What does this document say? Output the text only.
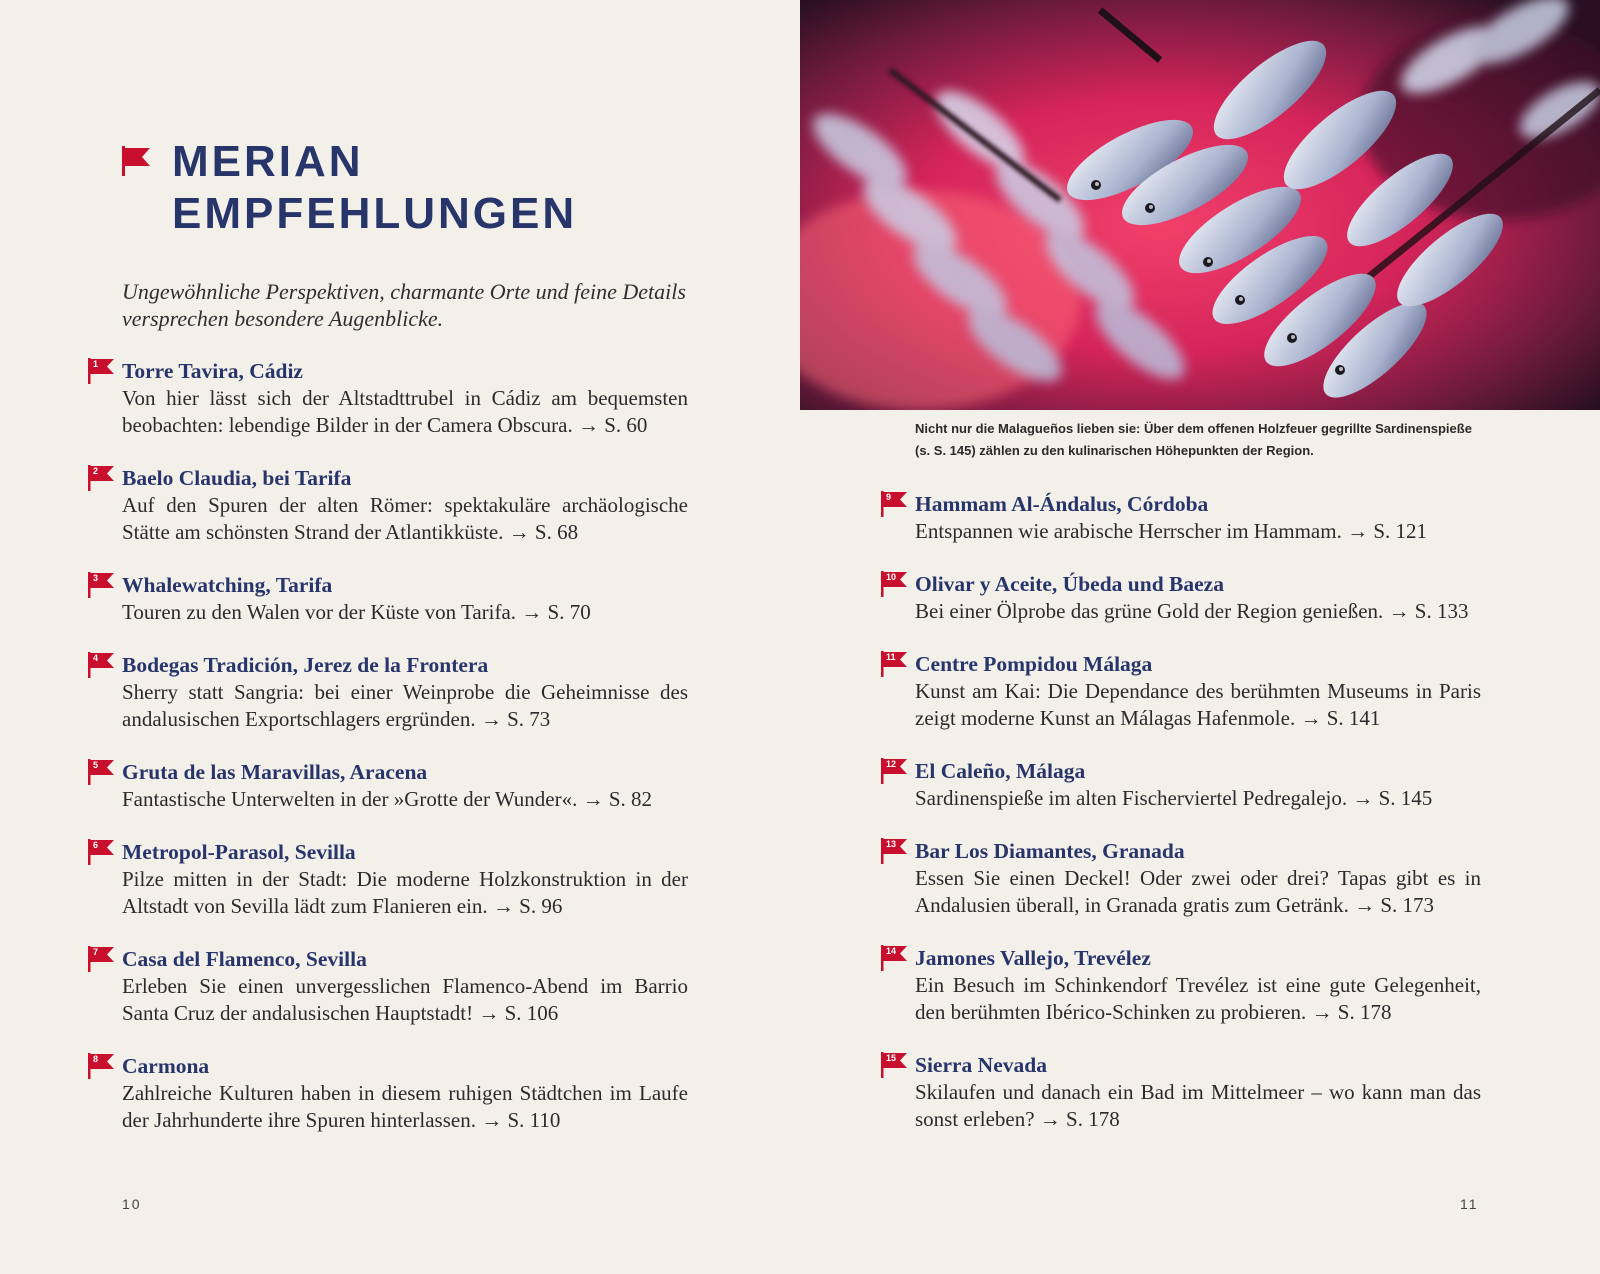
MERIAN
EMPFEHLUNGEN
Ungewöhnliche Perspektiven, charmante Orte und feine Details versprechen besondere Augenblicke.
1 Torre Tavira, Cádiz
Von hier lässt sich der Altstadttrubel in Cádiz am bequemsten beobachten: lebendige Bilder in der Camera Obscura. → S. 60
2 Baelo Claudia, bei Tarifa
Auf den Spuren der alten Römer: spektakuläre archäologische Stätte am schönsten Strand der Atlantikküste. → S. 68
3 Whalewatching, Tarifa
Touren zu den Walen vor der Küste von Tarifa. → S. 70
4 Bodegas Tradición, Jerez de la Frontera
Sherry statt Sangria: bei einer Weinprobe die Geheimnisse des andalusischen Exportschlagers ergründen. → S. 73
5 Gruta de las Maravillas, Aracena
Fantastische Unterwelten in der »Grotte der Wunder«. → S. 82
6 Metropol-Parasol, Sevilla
Pilze mitten in der Stadt: Die moderne Holzkonstruktion in der Altstadt von Sevilla lädt zum Flanieren ein. → S. 96
7 Casa del Flamenco, Sevilla
Erleben Sie einen unvergesslichen Flamenco-Abend im Barrio Santa Cruz der andalusischen Hauptstadt! → S. 106
8 Carmona
Zahlreiche Kulturen haben in diesem ruhigen Städtchen im Laufe der Jahrhunderte ihre Spuren hinterlassen. → S. 110
10
Nicht nur die Malagueños lieben sie: Über dem offenen Holzfeuer gegrillte Sardinenspieße (s. S. 145) zählen zu den kulinarischen Höhepunkten der Region.
9 Hammam Al-Ándalus, Córdoba
Entspannen wie arabische Herrscher im Hammam. → S. 121
10 Olivar y Aceite, Úbeda und Baeza
Bei einer Ölprobe das grüne Gold der Region genießen. → S. 133
11 Centre Pompidou Málaga
Kunst am Kai: Die Dependance des berühmten Museums in Paris zeigt moderne Kunst an Málagas Hafenmole. → S. 141
12 El Caleño, Málaga
Sardinenspieße im alten Fischerviertel Pedregalejo. → S. 145
13 Bar Los Diamantes, Granada
Essen Sie einen Deckel! Oder zwei oder drei? Tapas gibt es in Andalusien überall, in Granada gratis zum Getränk. → S. 173
14 Jamones Vallejo, Trevélez
Ein Besuch im Schinkendorf Trevélez ist eine gute Gelegenheit, den berühmten Ibérico-Schinken zu probieren. → S. 178
15 Sierra Nevada
Skilaufen und danach ein Bad im Mittelmeer – wo kann man das sonst erleben? → S. 178
11
